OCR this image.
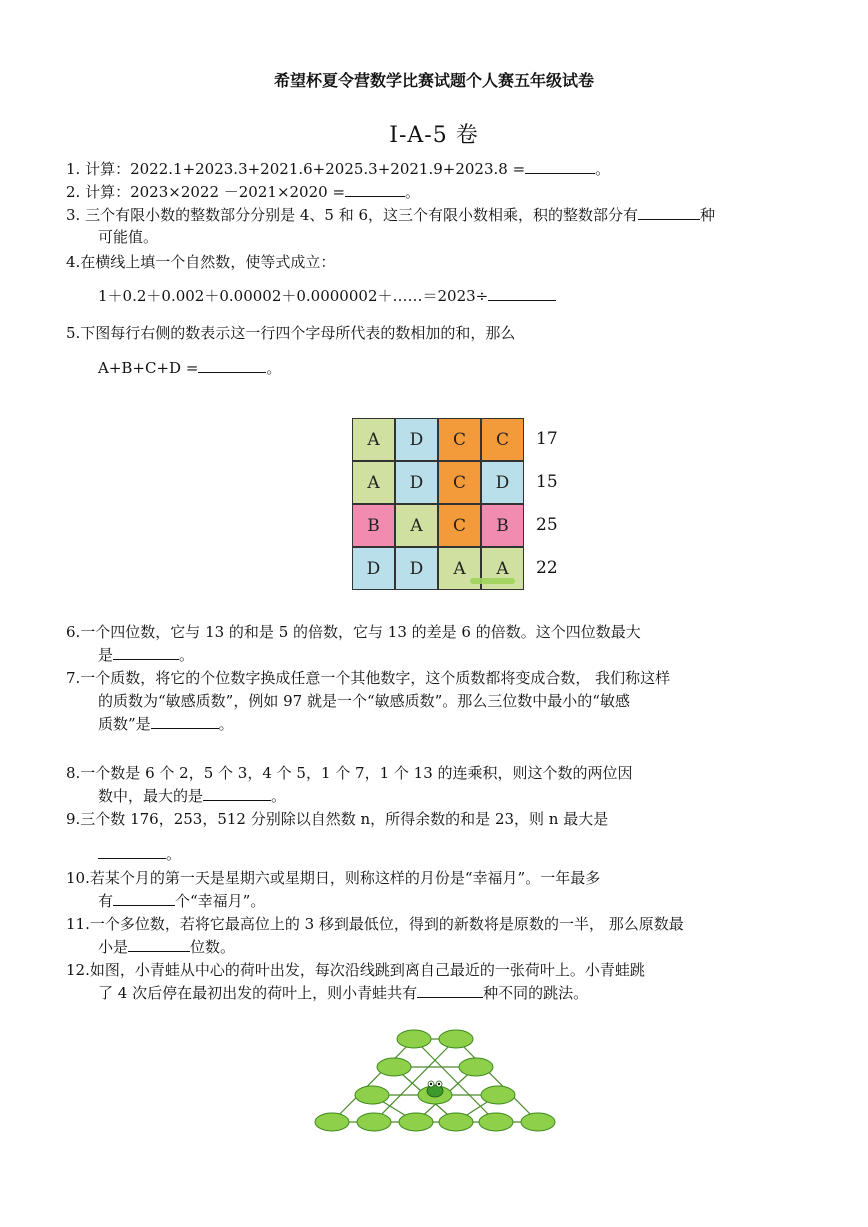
希望杯夏令营数学比赛试题个人赛五年级试卷
I-A-5 卷
1. 计算：2022.1+2023.3+2021.6+2025.3+2021.9+2023.8 =	。
2. 计算：2023×2022 －2021×2020 =	。
3. 三个有限小数的整数部分分别是 4、5 和 6，这三个有限小数相乘，积的整数部分有	种
可能值。
4.在横线上填一个自然数，使等式成立：
1＋0.2＋0.002＋0.00002＋0.0000002＋……＝2023÷
5.下图每行右侧的数表示这一行四个字母所代表的数相加的和，那么
A+B+C+D =	。
A	D	C	C	17
A	D	C	D	15
B	A	C	B	25
D	D	A	A	22
6.一个四位数，它与 13 的和是 5 的倍数，它与 13 的差是 6 的倍数。这个四位数最大
是	。
7.一个质数，将它的个位数字换成任意一个其他数字，这个质数都将变成合数， 我们称这样
的质数为“敏感质数”，例如 97 就是一个“敏感质数”。那么三位数中最小的“敏感
质数”是	。
8.一个数是 6 个 2，5 个 3，4 个 5，1 个 7，1 个 13 的连乘积，则这个数的两位因
数中，最大的是	。
9.三个数 176，253，512 分别除以自然数 n，所得余数的和是 23，则 n 最大是
。
10.若某个月的第一天是星期六或星期日，则称这样的月份是“幸福月”。一年最多
有	个“幸福月”。
11.一个多位数，若将它最高位上的 3 移到最低位，得到的新数将是原数的一半， 那么原数最
小是	位数。
12.如图，小青蛙从中心的荷叶出发，每次沿线跳到离自己最近的一张荷叶上。小青蛙跳
了 4 次后停在最初出发的荷叶上，则小青蛙共有	种不同的跳法。
